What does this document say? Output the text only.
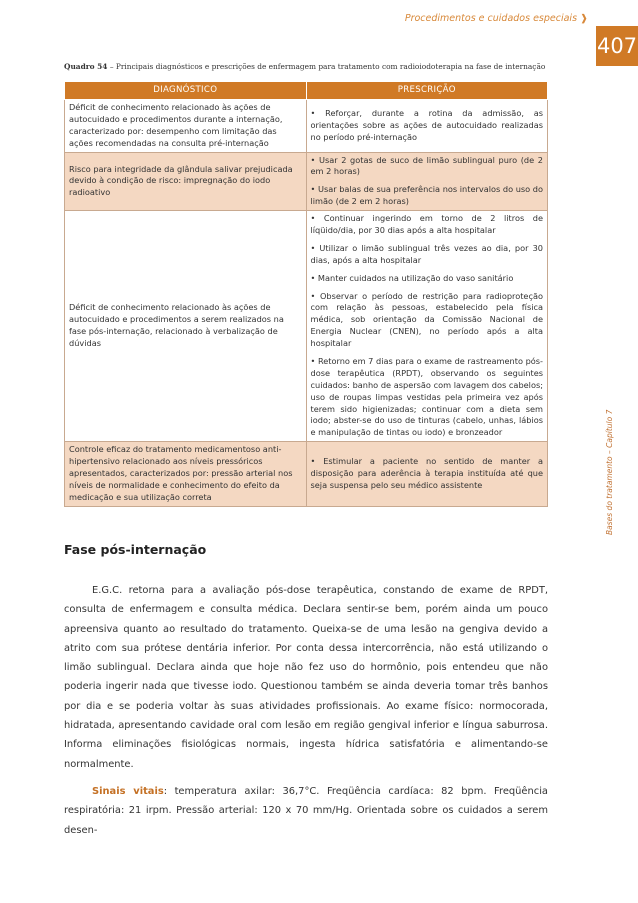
Procedimentos e cuidados especiais ❱
407
Bases do tratamento – Capítulo 7
Quadro 54 – Principais diagnósticos e prescrições de enfermagem para tratamento com radioiodoterapia na fase de internação
DIAGNÓSTICO	PRESCRIÇÃO
Déficit de conhecimento relacionado às ações de autocuidado e procedimentos durante a internação, caracterizado por: desempenho com limitação das ações recomendadas na consulta pré-internação	• Reforçar, durante a rotina da admissão, as orientações sobre as ações de autocuidado realizadas no período pré-internação

Risco para integridade da glândula salivar prejudicada devido à condição de risco: impregnação do iodo radioativo	• Usar 2 gotas de suco de limão sublingual puro (de 2 em 2 horas)

• Usar balas de sua preferência nos intervalos do uso do limão (de 2 em 2 horas)

Déficit de conhecimento relacionado às ações de autocuidado e procedimentos a serem realizados na fase pós-internação, relacionado à verbalização de dúvidas	• Continuar ingerindo em torno de 2 litros de líqüido/dia, por 30 dias após a alta hospitalar

• Utilizar o limão sublingual três vezes ao dia, por 30 dias, após a alta hospitalar

• Manter cuidados na utilização do vaso sanitário

• Observar o período de restrição para radioproteção com relação às pessoas, estabelecido pela física médica, sob orientação da Comissão Nacional de Energia Nuclear (CNEN), no período após a alta hospitalar

• Retorno em 7 dias para o exame de rastreamento pós-dose terapêutica (RPDT), observando os seguintes cuidados: banho de aspersão com lavagem dos cabelos; uso de roupas limpas vestidas pela primeira vez após terem sido higienizadas; continuar com a dieta sem iodo; abster-se do uso de tinturas (cabelo, unhas, lábios e manipulação de tintas ou iodo) e bronzeador

Controle eficaz do tratamento medicamentoso anti-hipertensivo relacionado aos níveis pressóricos apresentados, caracterizados por: pressão arterial nos níveis de normalidade e conhecimento do efeito da medicação e sua utilização correta	• Estimular a paciente no sentido de manter a disposição para aderência à terapia instituída até que seja suspensa pelo seu médico assistente

Fase pós-internação

E.G.C. retorna para a avaliação pós-dose terapêutica, constando de exame de RPDT, consulta de enfermagem e consulta médica. Declara sentir-se bem, porém ainda um pouco apreensiva quanto ao resultado do tratamento. Queixa-se de uma lesão na gengiva devido a atrito com sua prótese dentária inferior. Por conta dessa intercorrência, não está utilizando o limão sublingual. Declara ainda que hoje não fez uso do hormônio, pois entendeu que não poderia ingerir nada que tivesse iodo. Questionou também se ainda deveria tomar três banhos por dia e se poderia voltar às suas atividades profissionais. Ao exame físico: normocorada, hidratada, apresentando cavidade oral com lesão em região gengival inferior e língua saburrosa. Informa eliminações fisiológicas normais, ingesta hídrica satisfatória e alimentando-se normalmente.

Sinais vitais: temperatura axilar: 36,7°C. Freqüência cardíaca: 82 bpm. Freqüência respiratória: 21 irpm. Pressão arterial: 120 x 70 mm/Hg. Orientada sobre os cuidados a serem desen-
